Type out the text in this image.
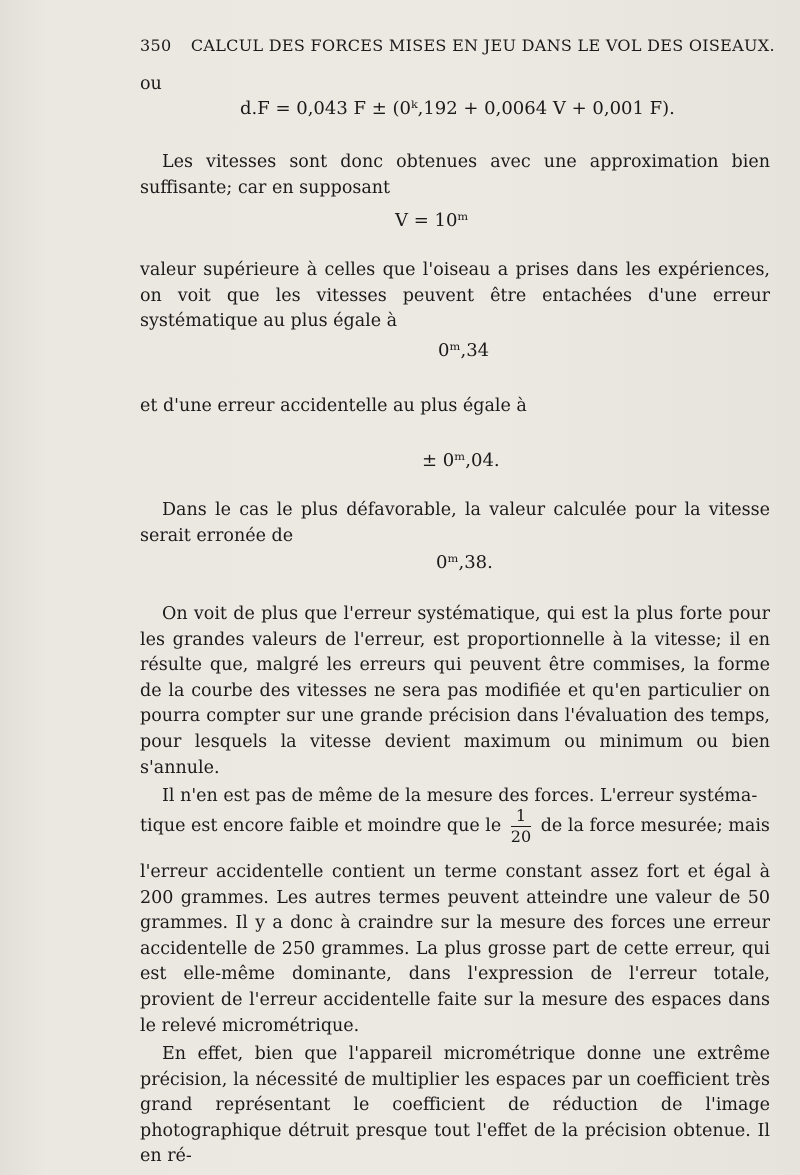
350 CALCUL DES FORCES MISES EN JEU DANS LE VOL DES OISEAUX.
ou
d.F = 0,043 F ± (0ᵏ,192 + 0,0064 V + 0,001 F).

Les vitesses sont donc obtenues avec une approximation bien suffisante; car en supposant

V = 10ᵐ

valeur supérieure à celles que l'oiseau a prises dans les expériences, on voit que les vitesses peuvent être entachées d'une erreur systématique au plus égale à

0ᵐ,34

et d'une erreur accidentelle au plus égale à

± 0ᵐ,04.

Dans le cas le plus défavorable, la valeur calculée pour la vitesse serait erronée de

0ᵐ,38.

On voit de plus que l'erreur systématique, qui est la plus forte pour les grandes valeurs de l'erreur, est proportionnelle à la vitesse; il en résulte que, malgré les erreurs qui peuvent être commises, la forme de la courbe des vitesses ne sera pas modifiée et qu'en particulier on pourra compter sur une grande précision dans l'évaluation des temps, pour lesquels la vitesse devient maximum ou minimum ou bien s'annule.

Il n'en est pas de même de la mesure des forces. L'erreur systéma-

tique est encore faible et moindre que le $\frac{1}{20}$ de la force mesurée; mais

l'erreur accidentelle contient un terme constant assez fort et égal à 200 grammes. Les autres termes peuvent atteindre une valeur de 50 grammes. Il y a donc à craindre sur la mesure des forces une erreur accidentelle de 250 grammes. La plus grosse part de cette erreur, qui est elle-même dominante, dans l'expression de l'erreur totale, provient de l'erreur accidentelle faite sur la mesure des espaces dans le relevé micrométrique.

En effet, bien que l'appareil micrométrique donne une extrême précision, la nécessité de multiplier les espaces par un coefficient très grand représentant le coefficient de réduction de l'image photographique détruit presque tout l'effet de la précision obtenue. Il en ré-
